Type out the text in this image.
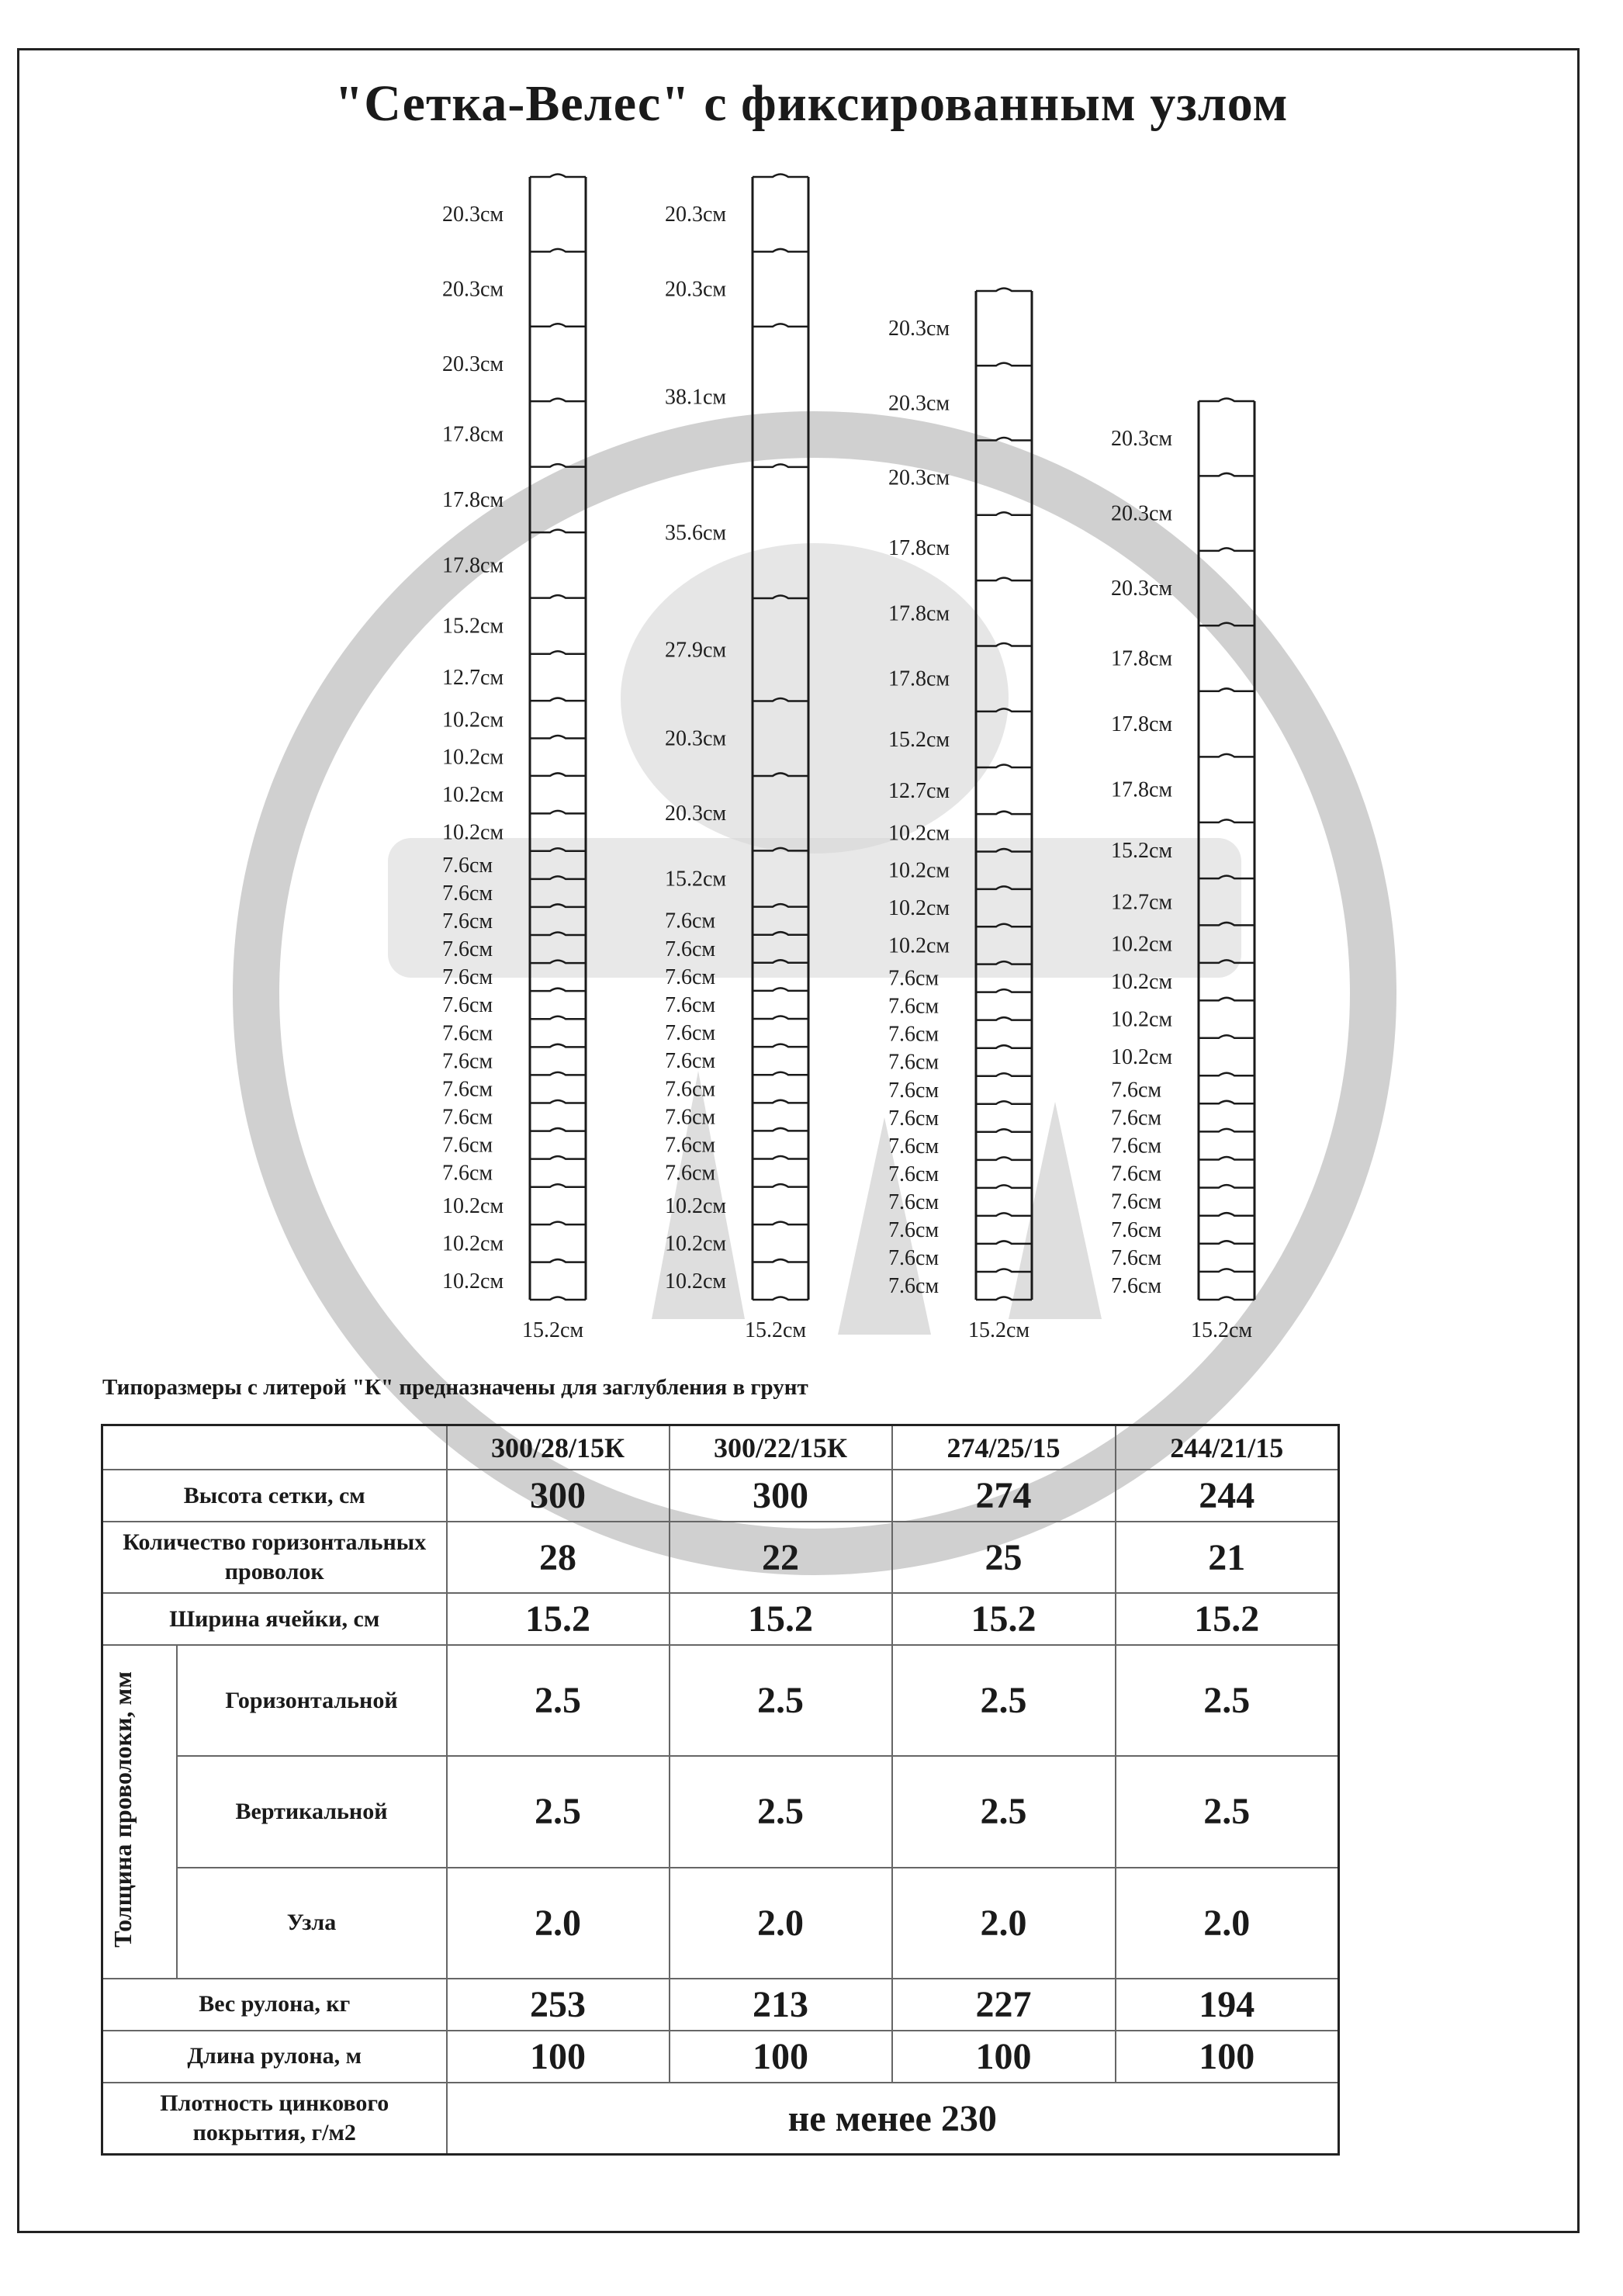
"Сетка-Велес" с фиксированным узлом
20.3см
20.3см
20.3см
17.8см
17.8см
17.8см
15.2см
12.7см
10.2см
10.2см
10.2см
10.2см
7.6см
7.6см
7.6см
7.6см
7.6см
7.6см
7.6см
7.6см
7.6см
7.6см
7.6см
7.6см
10.2см
10.2см
10.2см
15.2см
20.3см
20.3см
38.1см
35.6см
27.9см
20.3см
20.3см
15.2см
7.6см
7.6см
7.6см
7.6см
7.6см
7.6см
7.6см
7.6см
7.6см
7.6см
10.2см
10.2см
10.2см
15.2см
20.3см
20.3см
20.3см
17.8см
17.8см
17.8см
15.2см
12.7см
10.2см
10.2см
10.2см
10.2см
7.6см
7.6см
7.6см
7.6см
7.6см
7.6см
7.6см
7.6см
7.6см
7.6см
7.6см
7.6см
15.2см
20.3см
20.3см
20.3см
17.8см
17.8см
17.8см
15.2см
12.7см
10.2см
10.2см
10.2см
10.2см
7.6см
7.6см
7.6см
7.6см
7.6см
7.6см
7.6см
7.6см
15.2см

Типоразмеры с литерой "К" предназначены для заглубления в грунт

		300/28/15К	300/22/15К	274/25/15	244/21/15
Высота сетки, см		300	300	274	244
Количество горизонтальных проволок		28	22	25	21
Ширина ячейки, см		15.2	15.2	15.2	15.2
Толщина проволоки, мм	Горизонтальной	2.5	2.5	2.5	2.5
	Вертикальной	2.5	2.5	2.5	2.5
	Узла	2.0	2.0	2.0	2.0
Вес рулона, кг		253	213	227	194
Длина рулона, м		100	100	100	100
Плотность цинкового покрытия, г/м2		не менее 230			
